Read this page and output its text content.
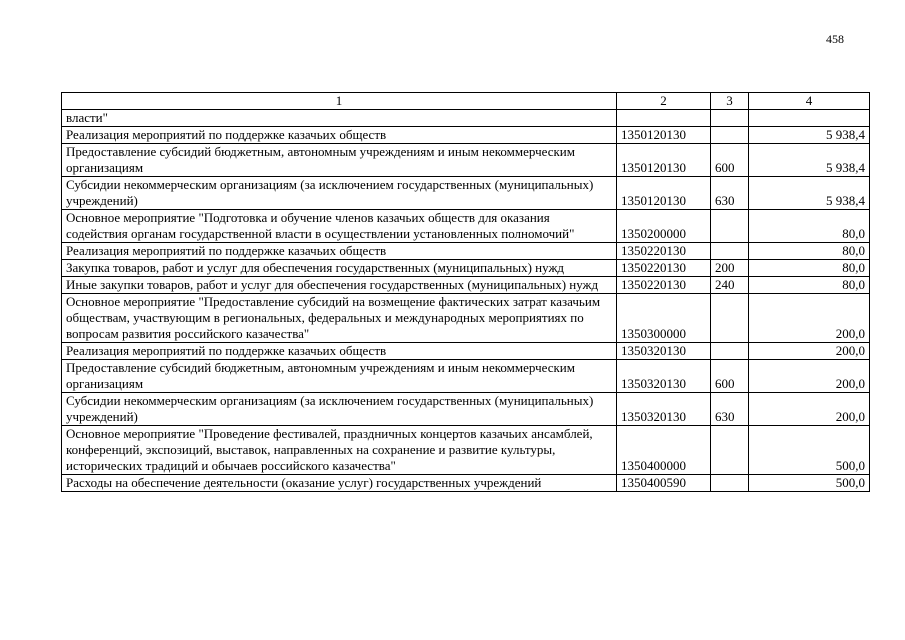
458
1	2	3	4
власти"			
Реализация мероприятий по поддержке казачьих обществ	1350120130		5 938,4
Предоставление субсидий бюджетным, автономным учреждениям и иным некоммерческим организациям	1350120130	600	5 938,4
Субсидии некоммерческим организациям (за исключением государственных (муниципальных) учреждений)	1350120130	630	5 938,4
Основное мероприятие "Подготовка и обучение членов казачьих обществ для оказания содействия органам государственной власти в осуществлении установленных полномочий"	1350200000		80,0
Реализация мероприятий по поддержке казачьих обществ	1350220130		80,0
Закупка товаров, работ и услуг для обеспечения государственных (муниципальных) нужд	1350220130	200	80,0
Иные закупки товаров, работ и услуг для обеспечения государственных (муниципальных) нужд	1350220130	240	80,0
Основное мероприятие "Предоставление субсидий на возмещение фактических затрат казачьим обществам, участвующим в региональных, федеральных и международных мероприятиях по вопросам развития российского казачества"	1350300000		200,0
Реализация мероприятий по поддержке казачьих обществ	1350320130		200,0
Предоставление субсидий бюджетным, автономным учреждениям и иным некоммерческим организациям	1350320130	600	200,0
Субсидии некоммерческим организациям (за исключением государственных (муниципальных) учреждений)	1350320130	630	200,0
Основное мероприятие "Проведение фестивалей, праздничных концертов казачьих ансамблей, конференций, экспозиций, выставок, направленных на сохранение и развитие культуры, исторических традиций и обычаев российского казачества"	1350400000		500,0
Расходы на обеспечение деятельности (оказание услуг) государственных учреждений	1350400590		500,0
